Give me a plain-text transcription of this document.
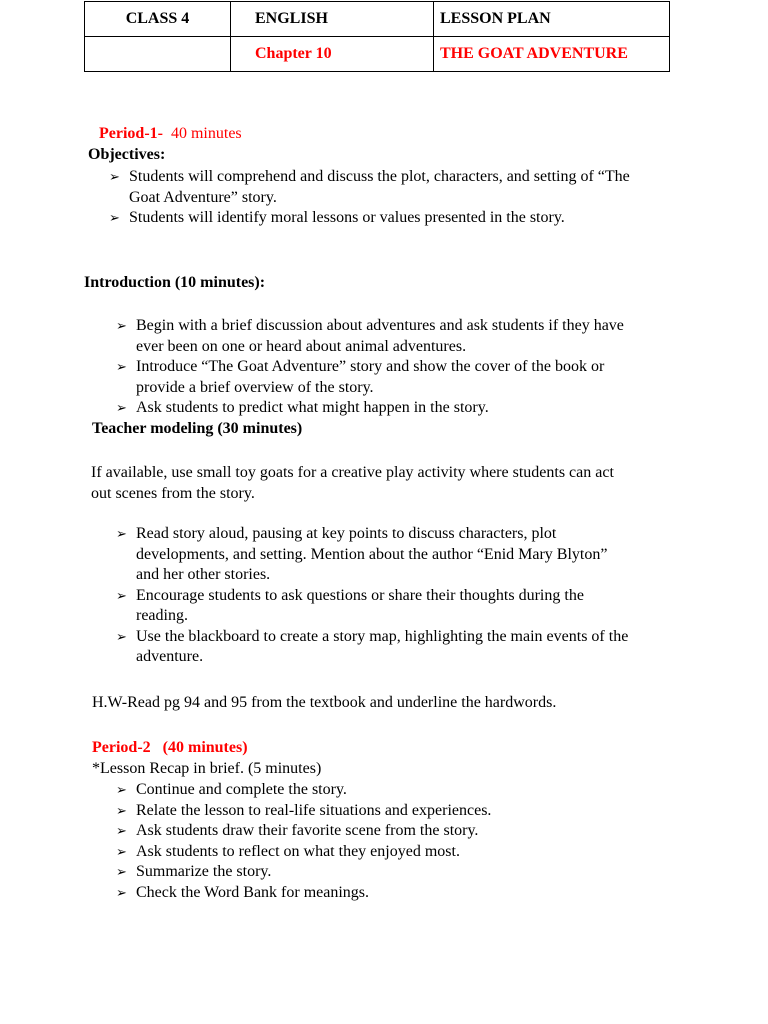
CLASS 4	ENGLISH	LESSON PLAN
	Chapter 10	THE GOAT ADVENTURE
Period-1- 40 minutes
Objectives:
➢ Students will comprehend and discuss the plot, characters, and setting of “The
Goat Adventure” story.
➢ Students will identify moral lessons or values presented in the story.
Introduction (10 minutes):
➢ Begin with a brief discussion about adventures and ask students if they have
ever been on one or heard about animal adventures.
➢ Introduce “The Goat Adventure” story and show the cover of the book or
provide a brief overview of the story.
➢ Ask students to predict what might happen in the story.
Teacher modeling (30 minutes)
If available, use small toy goats for a creative play activity where students can act
out scenes from the story.
➢ Read story aloud, pausing at key points to discuss characters, plot
developments, and setting. Mention about the author “Enid Mary Blyton”
and her other stories.
➢ Encourage students to ask questions or share their thoughts during the
reading.
➢ Use the blackboard to create a story map, highlighting the main events of the
adventure.
H.W-Read pg 94 and 95 from the textbook and underline the hardwords.
Period-2 (40 minutes)
*Lesson Recap in brief. (5 minutes)
➢ Continue and complete the story.
➢ Relate the lesson to real-life situations and experiences.
➢ Ask students draw their favorite scene from the story.
➢ Ask students to reflect on what they enjoyed most.
➢ Summarize the story.
➢ Check the Word Bank for meanings.
